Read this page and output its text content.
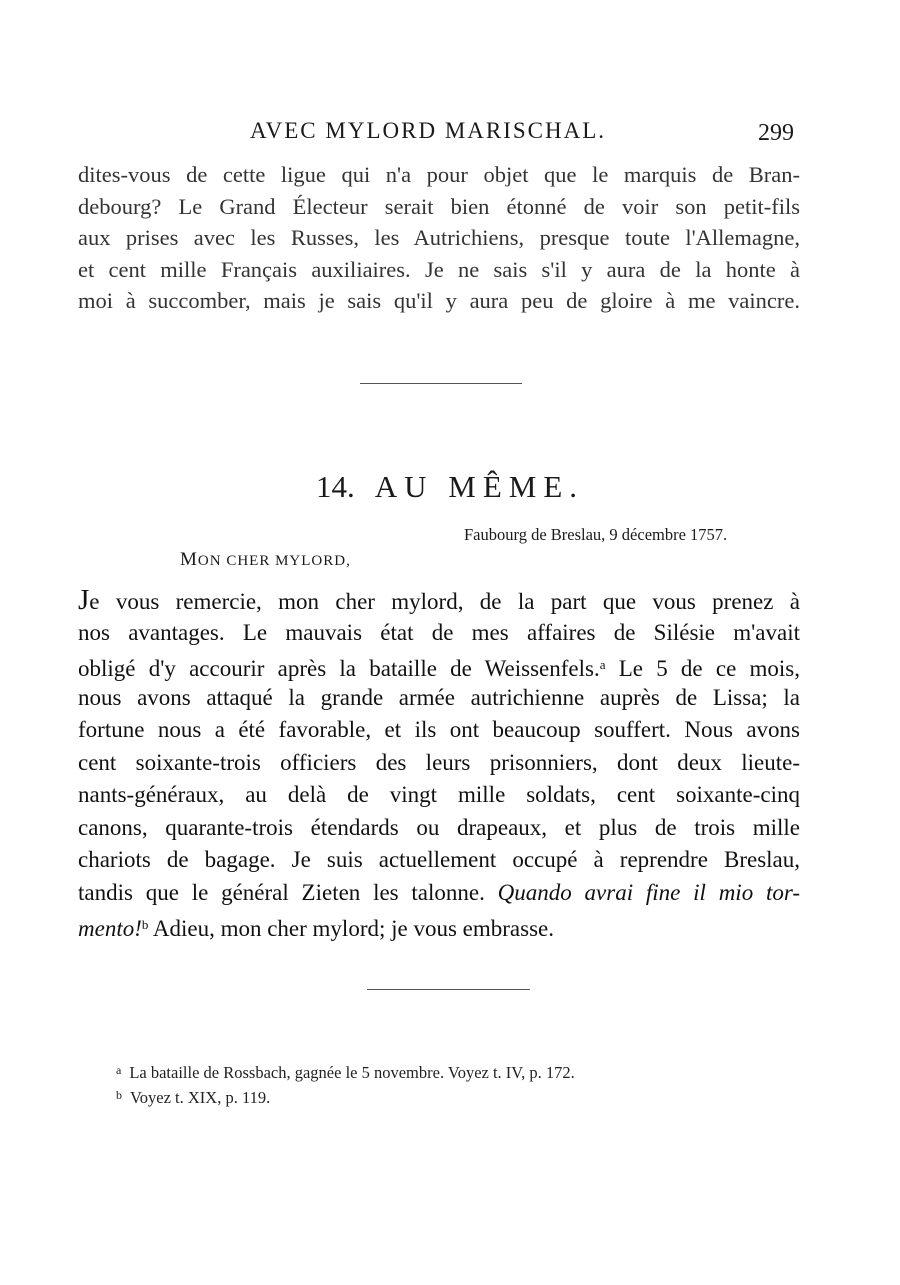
AVEC MYLORD MARISCHAL.	299
dites-vous de cette ligue qui n'a pour objet que le marquis de Bran-
debourg? Le Grand Électeur serait bien étonné de voir son petit-fils
aux prises avec les Russes, les Autrichiens, presque toute l'Allemagne,
et cent mille Français auxiliaires. Je ne sais s'il y aura de la honte à
moi à succomber, mais je sais qu'il y aura peu de gloire à me vaincre.
14. AU MÊME.
Faubourg de Breslau, 9 décembre 1757.
MON CHER MYLORD,
Je vous remercie, mon cher mylord, de la part que vous prenez à
nos avantages. Le mauvais état de mes affaires de Silésie m'avait
obligé d'y accourir après la bataille de Weissenfels.$^a$ Le 5 de ce mois,
nous avons attaqué la grande armée autrichienne auprès de Lissa; la
fortune nous a été favorable, et ils ont beaucoup souffert. Nous avons
cent soixante-trois officiers des leurs prisonniers, dont deux lieute-
nants-généraux, au delà de vingt mille soldats, cent soixante-cinq
canons, quarante-trois étendards ou drapeaux, et plus de trois mille
chariots de bagage. Je suis actuellement occupé à reprendre Breslau,
tandis que le général Zieten les talonne. Quando avrai fine il mio tor-
mento!$^b$ Adieu, mon cher mylord; je vous embrasse.
$^a$ La bataille de Rossbach, gagnée le 5 novembre. Voyez t. IV, p. 172.
$^b$ Voyez t. XIX, p. 119.
